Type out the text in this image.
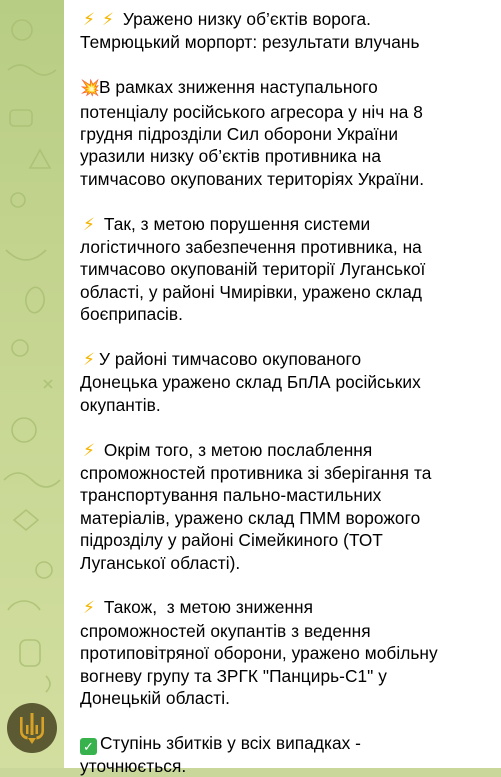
⚡ ⚡ Уражено низку об’єктів ворога.
Темрюцький морпорт: результати влучань
💥В рамках зниження наступального
потенціалу російського агресора у ніч на 8
грудня підрозділи Сил оборони України
уразили низку об’єктів противника на
тимчасово окупованих територіях України.
⚡ Так, з метою порушення системи
логістичного забезпечення противника, на
тимчасово окупованій території Луганської
області, у районі Чмирівки, уражено склад
боєприпасів.
⚡ У районі тимчасово окупованого
Донецька уражено склад БпЛА російських
окупантів.
⚡ Окрім того, з метою послаблення
спроможностей противника зі зберігання та
транспортування пально-мастильних
матеріалів, уражено склад ПММ ворожого
підрозділу у районі Сімейкиного (ТОТ
Луганської області).
⚡ Також,  з метою зниження
спроможностей окупантів з ведення
протиповітряної оборони, уражено мобільну
вогневу групу та ЗРГК "Панцирь-С1" у
Донецькій області.
✓ Ступінь збитків у всіх випадках -
уточнюється.
